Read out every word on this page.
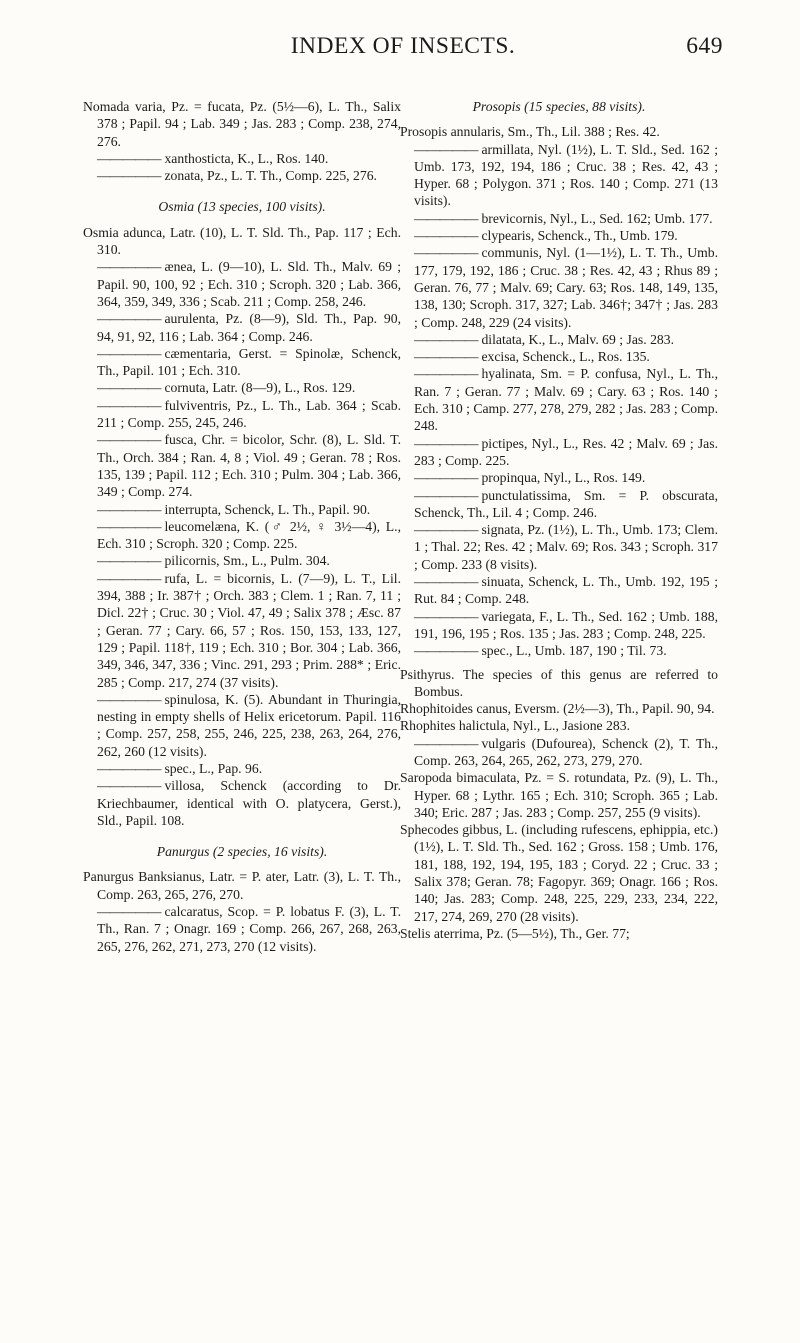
INDEX OF INSECTS.	649

Nomada varia, Pz. = fucata, Pz. (5½—6), L. Th., Salix 378 ; Papil. 94 ; Lab. 349 ; Jas. 283 ; Comp. 238, 274, 276.

————— xanthosticta, K., L., Ros. 140.

————— zonata, Pz., L. T. Th., Comp. 225, 276.

Osmia (13 species, 100 visits).

Osmia adunca, Latr. (10), L. T. Sld. Th., Pap. 117 ; Ech. 310.

————— ænea, L. (9—10), L. Sld. Th., Malv. 69 ; Papil. 90, 100, 92 ; Ech. 310 ; Scroph. 320 ; Lab. 366, 364, 359, 349, 336 ; Scab. 211 ; Comp. 258, 246.

————— aurulenta, Pz. (8—9), Sld. Th., Pap. 90, 94, 91, 92, 116 ; Lab. 364 ; Comp. 246.

————— cæmentaria, Gerst. = Spinolæ, Schenck, Th., Papil. 101 ; Ech. 310.

————— cornuta, Latr. (8—9), L., Ros. 129.

————— fulviventris, Pz., L. Th., Lab. 364 ; Scab. 211 ; Comp. 255, 245, 246.

————— fusca, Chr. = bicolor, Schr. (8), L. Sld. T. Th., Orch. 384 ; Ran. 4, 8 ; Viol. 49 ; Geran. 78 ; Ros. 135, 139 ; Papil. 112 ; Ech. 310 ; Pulm. 304 ; Lab. 366, 349 ; Comp. 274.

————— interrupta, Schenck, L. Th., Papil. 90.

————— leucomelæna, K. (♂ 2½, ♀ 3½—4), L., Ech. 310 ; Scroph. 320 ; Comp. 225.

————— pilicornis, Sm., L., Pulm. 304.

————— rufa, L. = bicornis, L. (7—9), L. T., Lil. 394, 388 ; Ir. 387† ; Orch. 383 ; Clem. 1 ; Ran. 7, 11 ; Dicl. 22† ; Cruc. 30 ; Viol. 47, 49 ; Salix 378 ; Æsc. 87 ; Geran. 77 ; Cary. 66, 57 ; Ros. 150, 153, 133, 127, 129 ; Papil. 118†, 119 ; Ech. 310 ; Bor. 304 ; Lab. 366, 349, 346, 347, 336 ; Vinc. 291, 293 ; Prim. 288* ; Eric. 285 ; Comp. 217, 274 (37 visits).

————— spinulosa, K. (5). Abundant in Thuringia, nesting in empty shells of Helix ericetorum. Papil. 116 ; Comp. 257, 258, 255, 246, 225, 238, 263, 264, 276, 262, 260 (12 visits).

————— spec., L., Pap. 96.

————— villosa, Schenck (according to Dr. Kriechbaumer, identical with O. platycera, Gerst.), Sld., Papil. 108.

Panurgus (2 species, 16 visits).

Panurgus Banksianus, Latr. = P. ater, Latr. (3), L. T. Th., Comp. 263, 265, 276, 270.

————— calcaratus, Scop. = P. lobatus F. (3), L. T. Th., Ran. 7 ; Onagr. 169 ; Comp. 266, 267, 268, 263, 265, 276, 262, 271, 273, 270 (12 visits).

Prosopis (15 species, 88 visits).

Prosopis annularis, Sm., Th., Lil. 388 ; Res. 42.

————— armillata, Nyl. (1½), L. T. Sld., Sed. 162 ; Umb. 173, 192, 194, 186 ; Cruc. 38 ; Res. 42, 43 ; Hyper. 68 ; Polygon. 371 ; Ros. 140 ; Comp. 271 (13 visits).

————— brevicornis, Nyl., L., Sed. 162; Umb. 177.

————— clypearis, Schenck., Th., Umb. 179.

————— communis, Nyl. (1—1½), L. T. Th., Umb. 177, 179, 192, 186 ; Cruc. 38 ; Res. 42, 43 ; Rhus 89 ; Geran. 76, 77 ; Malv. 69; Cary. 63; Ros. 148, 149, 135, 138, 130; Scroph. 317, 327; Lab. 346†; 347† ; Jas. 283 ; Comp. 248, 229 (24 visits).

————— dilatata, K., L., Malv. 69 ; Jas. 283.

————— excisa, Schenck., L., Ros. 135.

————— hyalinata, Sm. = P. confusa, Nyl., L. Th., Ran. 7 ; Geran. 77 ; Malv. 69 ; Cary. 63 ; Ros. 140 ; Ech. 310 ; Camp. 277, 278, 279, 282 ; Jas. 283 ; Comp. 248.

————— pictipes, Nyl., L., Res. 42 ; Malv. 69 ; Jas. 283 ; Comp. 225.

————— propinqua, Nyl., L., Ros. 149.

————— punctulatissima, Sm. = P. obscurata, Schenck, Th., Lil. 4 ; Comp. 246.

————— signata, Pz. (1½), L. Th., Umb. 173; Clem. 1 ; Thal. 22; Res. 42 ; Malv. 69; Ros. 343 ; Scroph. 317 ; Comp. 233 (8 visits).

————— sinuata, Schenck, L. Th., Umb. 192, 195 ; Rut. 84 ; Comp. 248.

————— variegata, F., L. Th., Sed. 162 ; Umb. 188, 191, 196, 195 ; Ros. 135 ; Jas. 283 ; Comp. 248, 225.

————— spec., L., Umb. 187, 190 ; Til. 73.

Psithyrus. The species of this genus are referred to Bombus.

Rhophitoides canus, Eversm. (2½—3), Th., Papil. 90, 94.

Rhophites halictula, Nyl., L., Jasione 283.

————— vulgaris (Dufourea), Schenck (2), T. Th., Comp. 263, 264, 265, 262, 273, 279, 270.

Saropoda bimaculata, Pz. = S. rotundata, Pz. (9), L. Th., Hyper. 68 ; Lythr. 165 ; Ech. 310; Scroph. 365 ; Lab. 340; Eric. 287 ; Jas. 283 ; Comp. 257, 255 (9 visits).

Sphecodes gibbus, L. (including rufescens, ephippia, etc.) (1½), L. T. Sld. Th., Sed. 162 ; Gross. 158 ; Umb. 176, 181, 188, 192, 194, 195, 183 ; Coryd. 22 ; Cruc. 33 ; Salix 378; Geran. 78; Fagopyr. 369; Onagr. 166 ; Ros. 140; Jas. 283; Comp. 248, 225, 229, 233, 234, 222, 217, 274, 269, 270 (28 visits).

Stelis aterrima, Pz. (5—5½), Th., Ger. 77;
